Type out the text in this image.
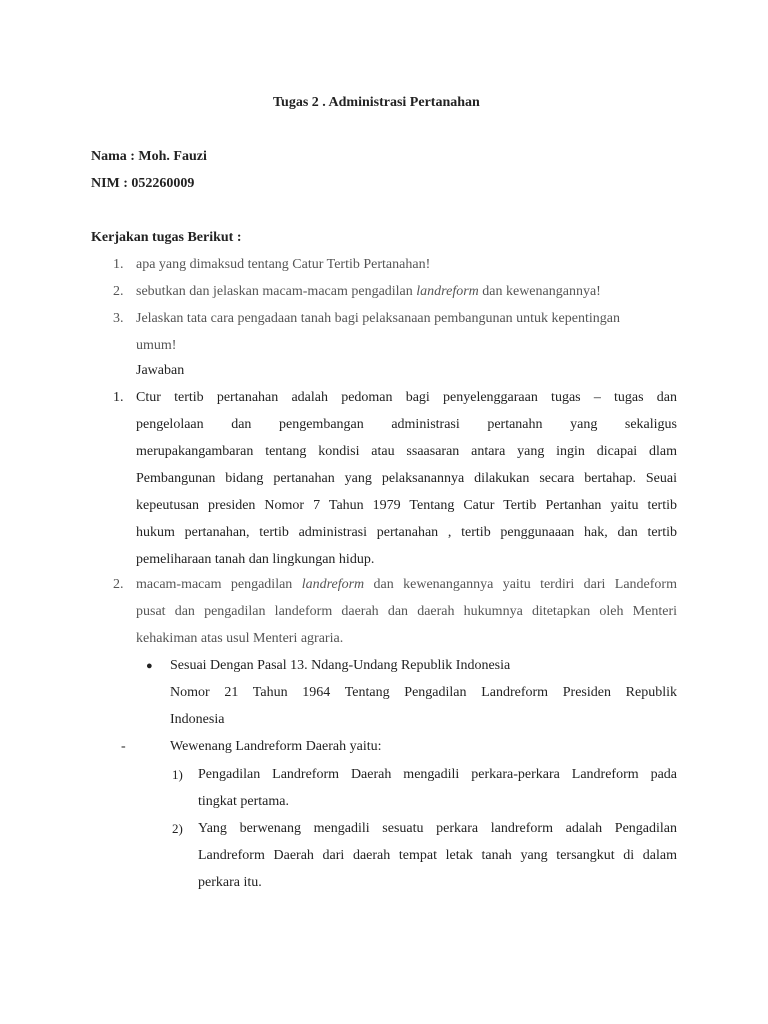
Tugas 2 . Administrasi Pertanahan
Nama : Moh. Fauzi
NIM : 052260009
Kerjakan tugas Berikut :
1. apa yang dimaksud tentang Catur Tertib Pertanahan!
2. sebutkan dan jelaskan macam-macam pengadilan landreform dan kewenangannya!
3. Jelaskan tata cara pengadaan tanah bagi pelaksanaan pembangunan untuk kepentingan
umum!
Jawaban
1. Ctur tertib pertanahan adalah pedoman bagi penyelenggaraan tugas – tugas dan
pengelolaan dan pengembangan administrasi pertanahn yang sekaligus
merupakangambaran tentang kondisi atau ssaasaran antara yang ingin dicapai dlam
Pembangunan bidang pertanahan yang pelaksanannya dilakukan secara bertahap. Seuai
kepeutusan presiden Nomor 7 Tahun 1979 Tentang Catur Tertib Pertanhan yaitu tertib
hukum pertanahan, tertib administrasi pertanahan , tertib penggunaaan hak, dan tertib
pemeliharaan tanah dan lingkungan hidup.
2. macam-macam pengadilan landreform dan kewenangannya yaitu terdiri dari Landeform
pusat dan pengadilan landeform daerah dan daerah hukumnya ditetapkan oleh Menteri
kehakiman atas usul Menteri agraria.
● Sesuai Dengan Pasal 13. Ndang-Undang Republik Indonesia
Nomor 21 Tahun 1964 Tentang Pengadilan Landreform Presiden Republik
Indonesia
-	Wewenang Landreform Daerah yaitu:
1) Pengadilan Landreform Daerah mengadili perkara-perkara Landreform pada
tingkat pertama.
2) Yang berwenang mengadili sesuatu perkara landreform adalah Pengadilan
Landreform Daerah dari daerah tempat letak tanah yang tersangkut di dalam
perkara itu.
